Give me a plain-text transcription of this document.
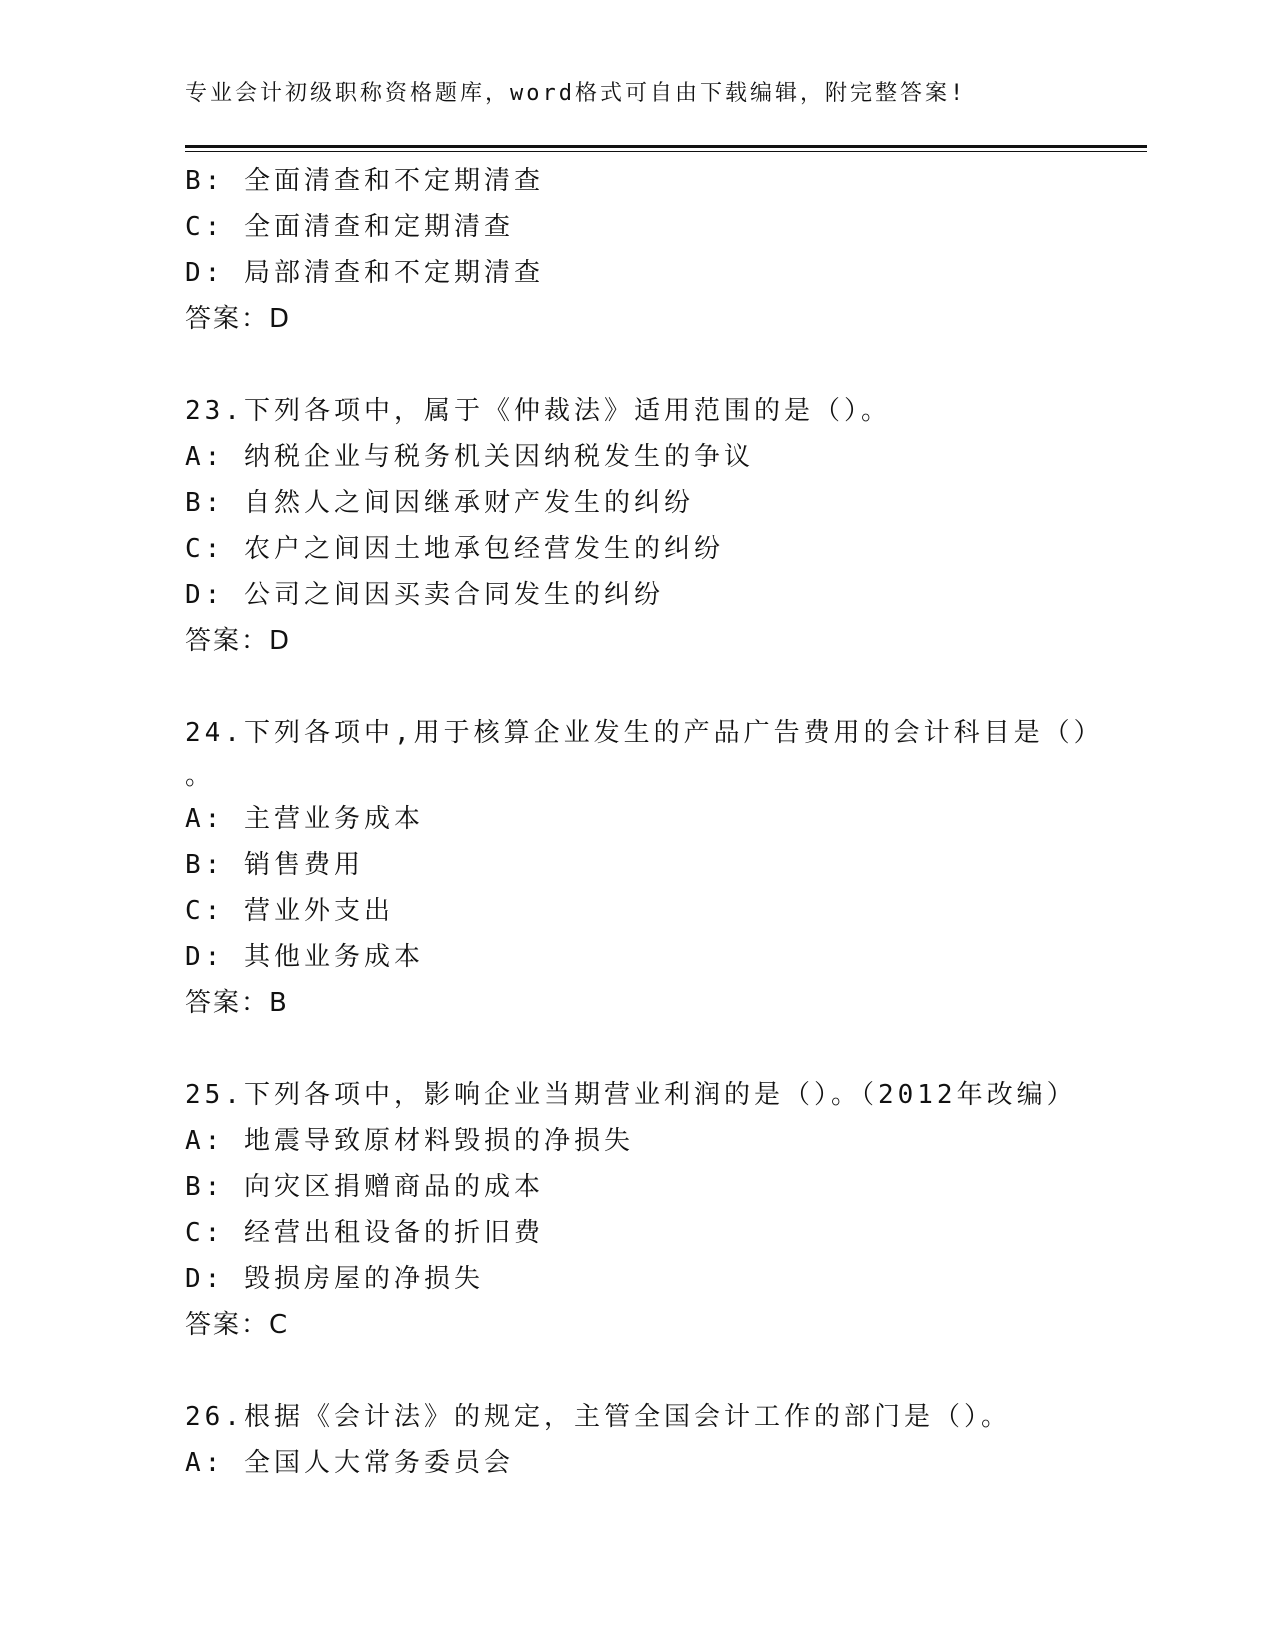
专业会计初级职称资格题库，word格式可自由下载编辑，附完整答案!
B: 全面清查和不定期清查
C: 全面清查和定期清查
D: 局部清查和不定期清查
答案：D
23.下列各项中，属于《仲裁法》适用范围的是（）。
A: 纳税企业与税务机关因纳税发生的争议
B: 自然人之间因继承财产发生的纠纷
C: 农户之间因土地承包经营发生的纠纷
D: 公司之间因买卖合同发生的纠纷
答案：D
24.下列各项中,用于核算企业发生的产品广告费用的会计科目是（）
。
A: 主营业务成本
B: 销售费用
C: 营业外支出
D: 其他业务成本
答案：B
25.下列各项中，影响企业当期营业利润的是（）。（2012年改编）
A: 地震导致原材料毁损的净损失
B: 向灾区捐赠商品的成本
C: 经营出租设备的折旧费
D: 毁损房屋的净损失
答案：C
26.根据《会计法》的规定，主管全国会计工作的部门是（）。
A: 全国人大常务委员会
